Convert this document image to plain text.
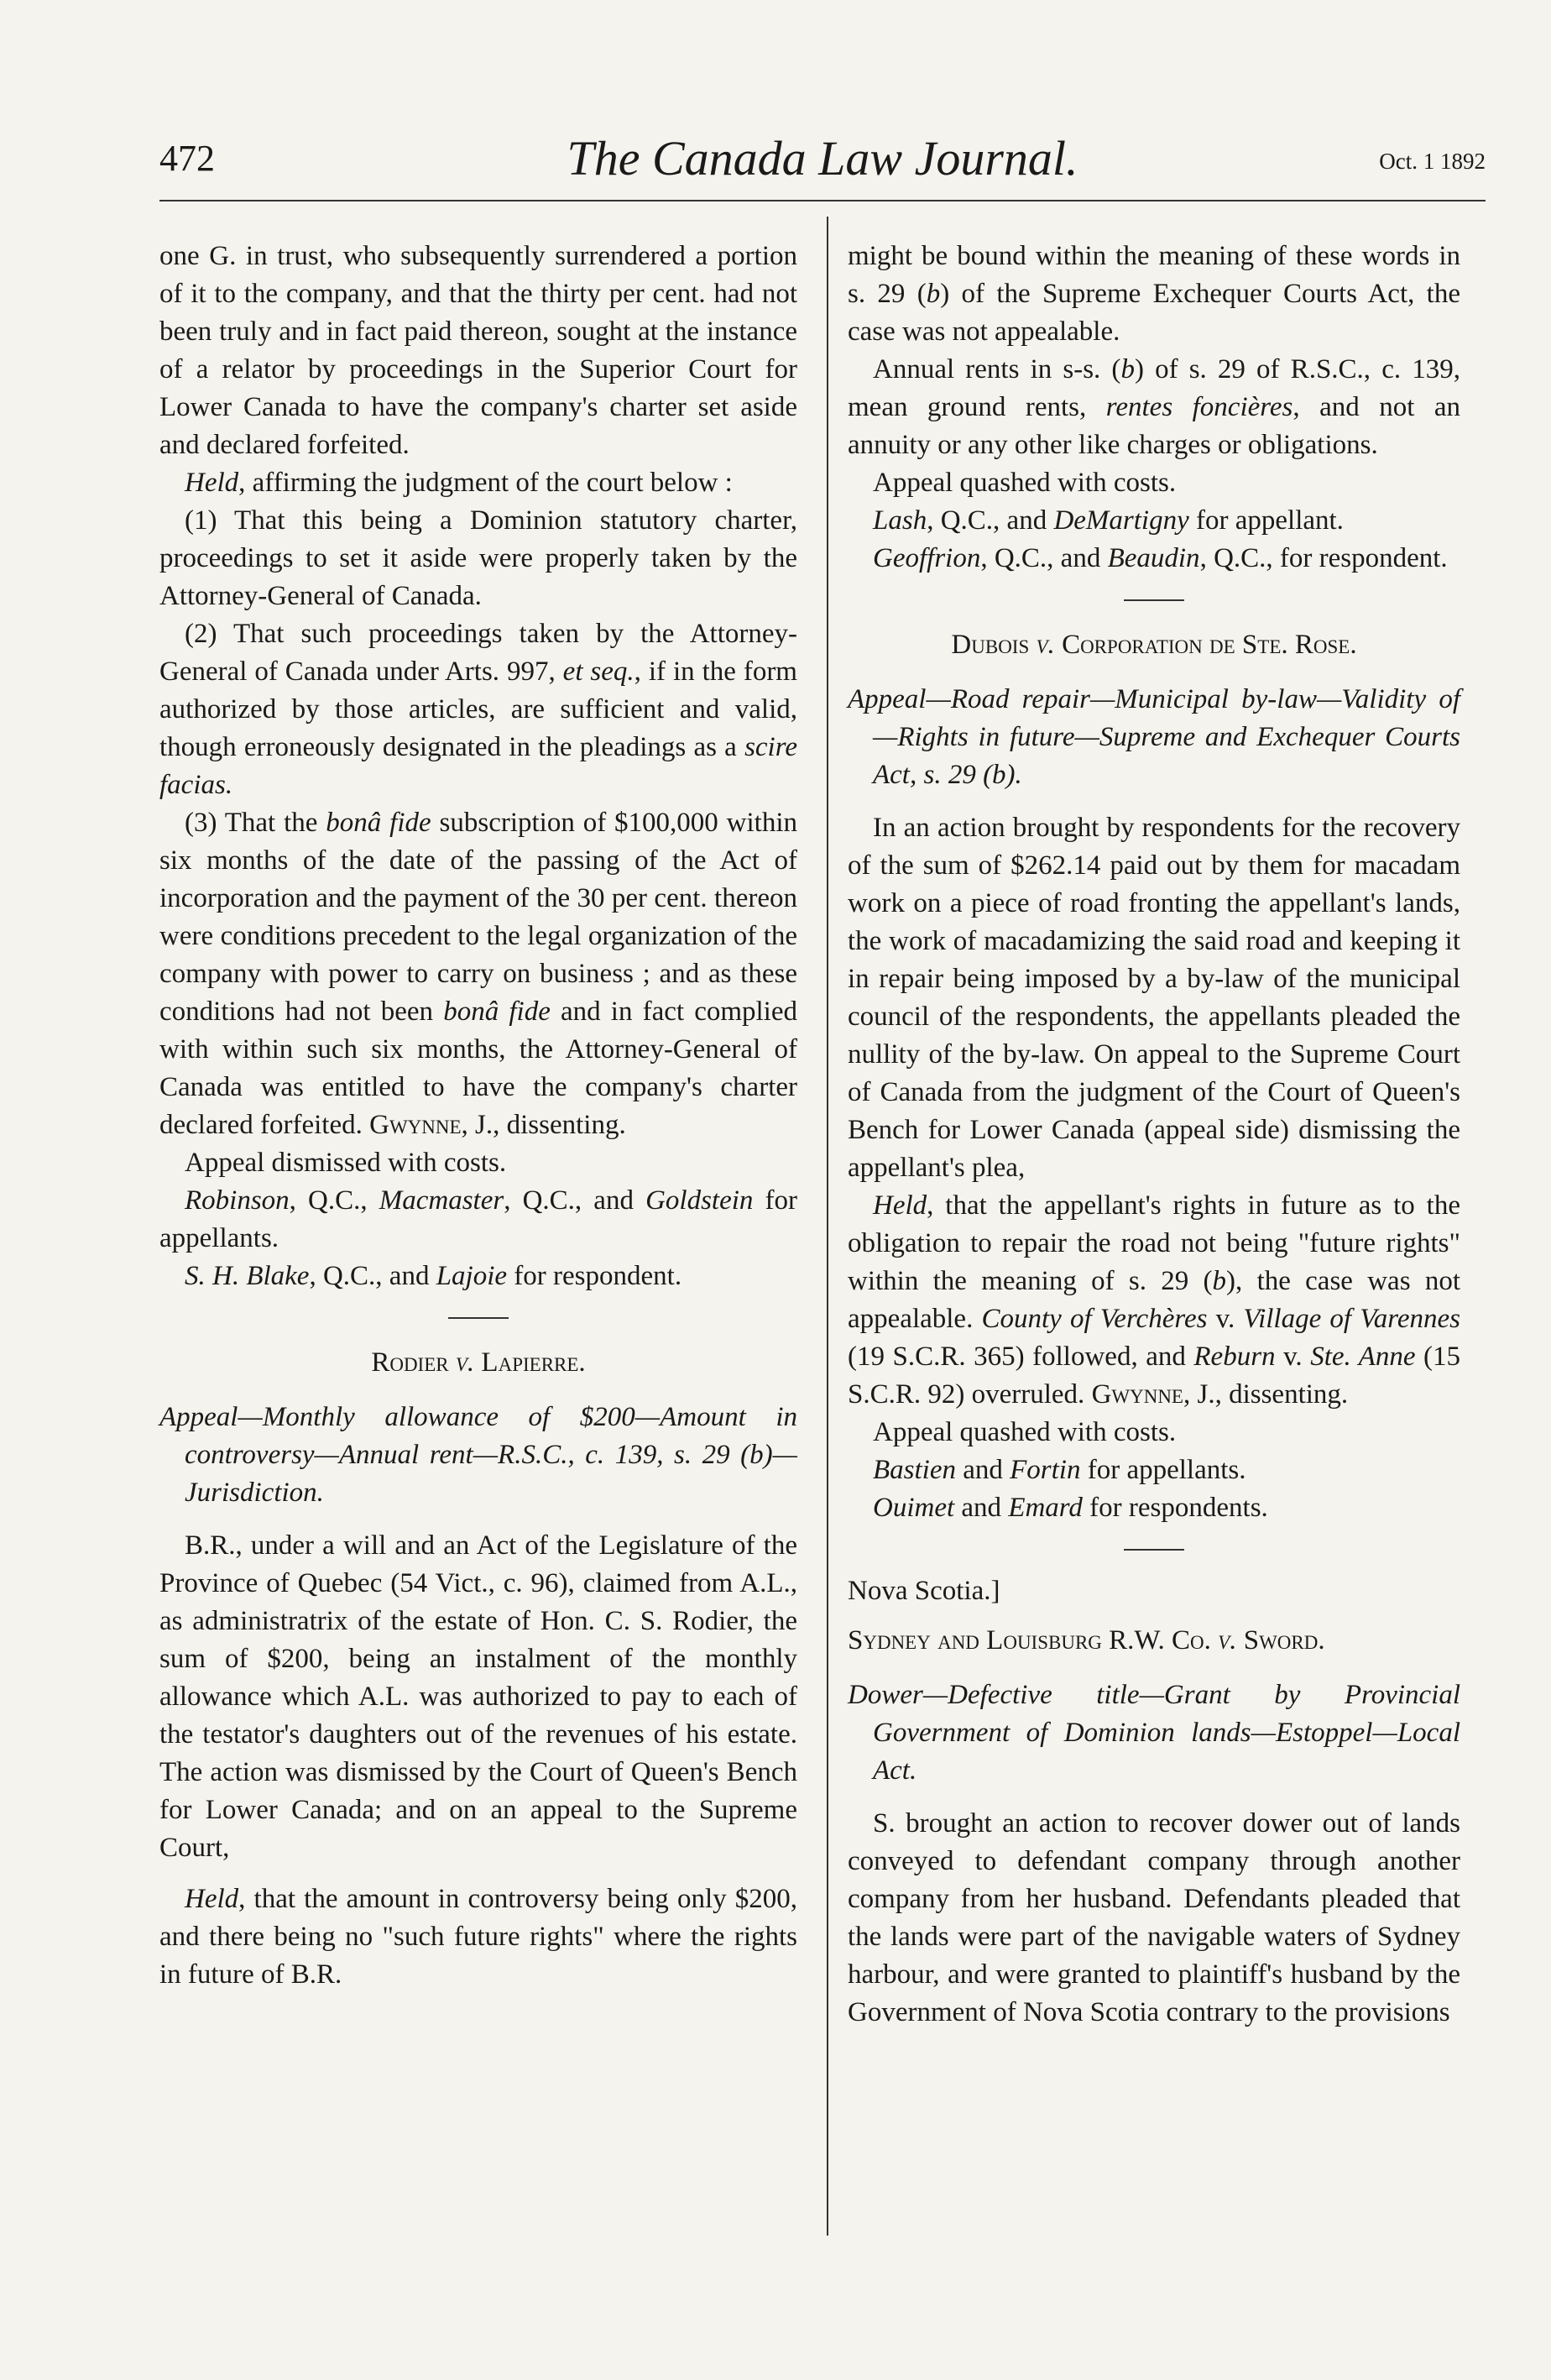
472	The Canada Law Journal.	Oct. 1 1892

one G. in trust, who subsequently surrendered a portion of it to the company, and that the thirty per cent. had not been truly and in fact paid thereon, sought at the instance of a relator by proceedings in the Superior Court for Lower Canada to have the company's charter set aside and declared forfeited.

Held, affirming the judgment of the court below :

(1) That this being a Dominion statutory charter, proceedings to set it aside were properly taken by the Attorney-General of Canada.

(2) That such proceedings taken by the Attorney-General of Canada under Arts. 997, et seq., if in the form authorized by those articles, are sufficient and valid, though erroneously designated in the pleadings as a scire facias.

(3) That the bonâ fide subscription of $100,000 within six months of the date of the passing of the Act of incorporation and the payment of the 30 per cent. thereon were conditions precedent to the legal organization of the company with power to carry on business ; and as these conditions had not been bonâ fide and in fact complied with within such six months, the Attorney-General of Canada was entitled to have the company's charter declared forfeited. Gwynne, J., dissenting.

Appeal dismissed with costs.

Robinson, Q.C., Macmaster, Q.C., and Goldstein for appellants.

S. H. Blake, Q.C., and Lajoie for respondent.

Rodier v. Lapierre.

Appeal—Monthly allowance of $200—Amount in controversy—Annual rent—R.S.C., c. 139, s. 29 (b)—Jurisdiction.

B.R., under a will and an Act of the Legislature of the Province of Quebec (54 Vict., c. 96), claimed from A.L., as administratrix of the estate of Hon. C. S. Rodier, the sum of $200, being an instalment of the monthly allowance which A.L. was authorized to pay to each of the testator's daughters out of the revenues of his estate. The action was dismissed by the Court of Queen's Bench for Lower Canada; and on an appeal to the Supreme Court,

Held, that the amount in controversy being only $200, and there being no "such future rights" where the rights in future of B.R.

might be bound within the meaning of these words in s. 29 (b) of the Supreme Exchequer Courts Act, the case was not appealable.

Annual rents in s-s. (b) of s. 29 of R.S.C., c. 139, mean ground rents, rentes foncières, and not an annuity or any other like charges or obligations.

Appeal quashed with costs.

Lash, Q.C., and DeMartigny for appellant.

Geoffrion, Q.C., and Beaudin, Q.C., for respondent.

Dubois v. Corporation de Ste. Rose.

Appeal—Road repair—Municipal by-law—Validity of—Rights in future—Supreme and Exchequer Courts Act, s. 29 (b).

In an action brought by respondents for the recovery of the sum of $262.14 paid out by them for macadam work on a piece of road fronting the appellant's lands, the work of macadamizing the said road and keeping it in repair being imposed by a by-law of the municipal council of the respondents, the appellants pleaded the nullity of the by-law. On appeal to the Supreme Court of Canada from the judgment of the Court of Queen's Bench for Lower Canada (appeal side) dismissing the appellant's plea,

Held, that the appellant's rights in future as to the obligation to repair the road not being "future rights" within the meaning of s. 29 (b), the case was not appealable. County of Verchères v. Village of Varennes (19 S.C.R. 365) followed, and Reburn v. Ste. Anne (15 S.C.R. 92) overruled. Gwynne, J., dissenting.

Appeal quashed with costs.

Bastien and Fortin for appellants.

Ouimet and Emard for respondents.

Nova Scotia.]

Sydney and Louisburg R.W. Co. v. Sword.

Dower—Defective title—Grant by Provincial Government of Dominion lands—Estoppel—Local Act.

S. brought an action to recover dower out of lands conveyed to defendant company through another company from her husband. Defendants pleaded that the lands were part of the navigable waters of Sydney harbour, and were granted to plaintiff's husband by the Government of Nova Scotia contrary to the provisions
